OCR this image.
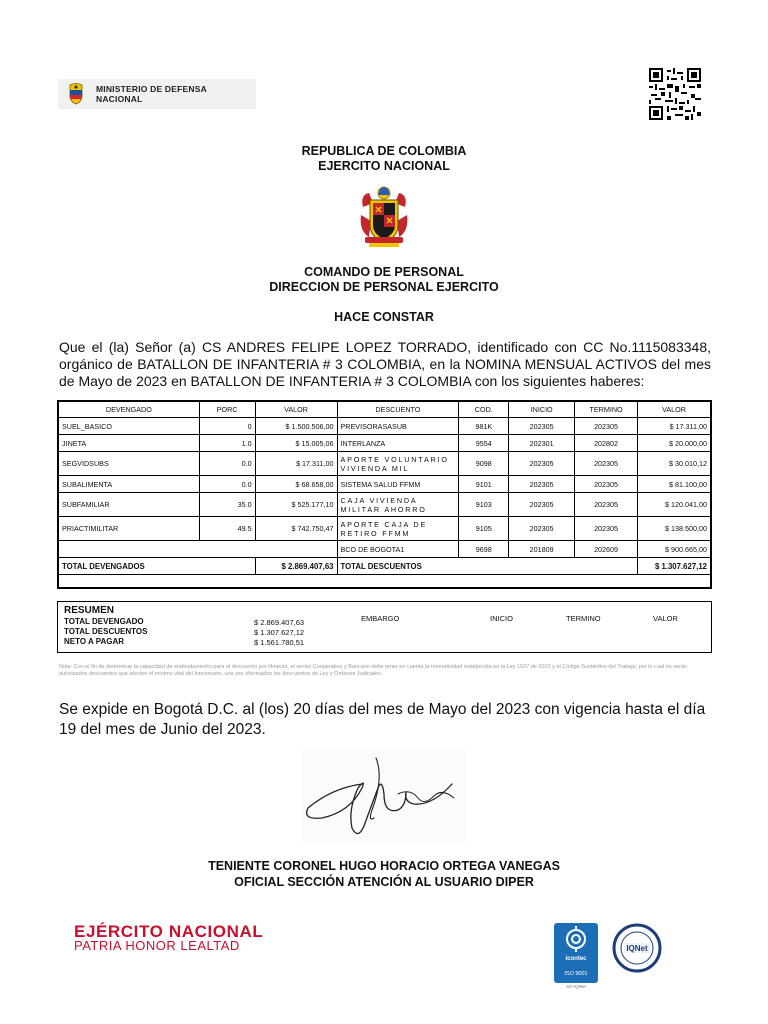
MINISTERIO DE DEFENSA
NACIONAL
REPUBLICA DE COLOMBIA
EJERCITO NACIONAL
COMANDO DE PERSONAL
DIRECCION DE PERSONAL EJERCITO
HACE CONSTAR
Que el (la) Señor (a) CS ANDRES FELIPE LOPEZ TORRADO, identificado con CC No.1115083348, orgánico de BATALLON DE INFANTERIA # 3 COLOMBIA, en la NOMINA MENSUAL ACTIVOS del mes de Mayo de 2023 en BATALLON DE INFANTERIA # 3 COLOMBIA con los siguientes haberes:
DEVENGADO	PORC	VALOR	DESCUENTO	COD.	INICIO	TERMINO	VALOR
SUEL_BASICO	0	$ 1.500.506,00	PREVISORASASUB	981K	202305	202305	$ 17.311,00
JINETA	1.0	$ 15.005,06	INTERLANZA	9554	202301	202802	$ 20.000,00
SEGVIDSUBS	0.0	$ 17.311,00	APORTE VOLUNTARIO VIVIENDA MIL	9098	202305	202305	$ 30.010,12
SUBALIMENTA	0.0	$ 68.658,00	SISTEMA SALUD FFMM	9101	202305	202305	$ 81.100,00
SUBFAMILIAR	35.0	$ 525.177,10	CAJA VIVIENDA MILITAR AHORRO	9103	202305	202305	$ 120.041,00
PRIACTIMILITAR	49.5	$ 742.750,47	APORTE CAJA DE RETIRO FFMM	9105	202305	202305	$ 138.500,00
			BCO DE BOGOTA1	9698	201809	202609	$ 900.665,00
TOTAL DEVENGADOS		$ 2.869.407,63	TOTAL DESCUENTOS				$ 1.307.627,12
RESUMEN
TOTAL DEVENGADO	$ 2.869.407,63
TOTAL DESCUENTOS	$ 1.307.627,12
NETO A PAGAR	$ 1.561.780,51
EMBARGO	INICIO	TERMINO	VALOR
Nota: Con el fin de determinar la capacidad de endeudamiento para el descuento por libranza, el sector Cooperativo y Bancario debe tener en cuenta la normatividad establecida en la Ley 1527 de 2012 y el Código Sustantivo del Trabajo, por lo cual no serán autorizados descuentos que afecten el mínimo vital del funcionario, una vez efectuados los descuentos de Ley y Órdenes Judiciales.
Se expide en Bogotá D.C. al (los) 20 días del mes de Mayo del 2023 con vigencia hasta el día 19 del mes de Junio del 2023.
TENIENTE CORONEL HUGO HORACIO ORTEGA VANEGAS
OFICIAL SECCIÓN ATENCIÓN AL USUARIO DIPER
EJÉRCITO NACIONAL
PATRIA HONOR LEALTAD
icontec
ISO 9001
SC-IQNet
IQNet
